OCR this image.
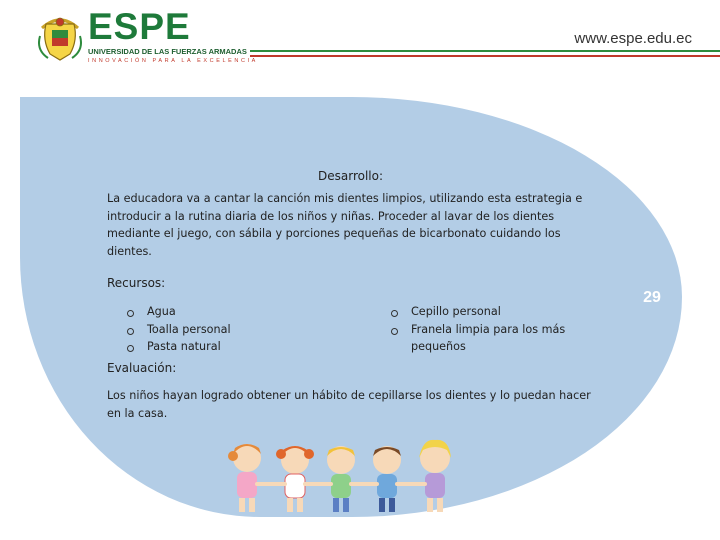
ESPE
UNIVERSIDAD DE LAS FUERZAS ARMADAS
INNOVACIÓN PARA LA EXCELENCIA
www.espe.edu.ec
29
Desarrollo:
La educadora va a cantar la canción mis dientes limpios, utilizando esta estrategia e introducir a la rutina diaria de los niños y niñas. Proceder al lavar de los dientes mediante el juego, con sábila y porciones pequeñas de bicarbonato cuidando los dientes.
Recursos:
Agua
Toalla personal
Pasta natural
Cepillo personal
Franela limpia para los más pequeños
Evaluación:
Los niños hayan logrado obtener un hábito de cepillarse los dientes y lo puedan hacer en la casa.
